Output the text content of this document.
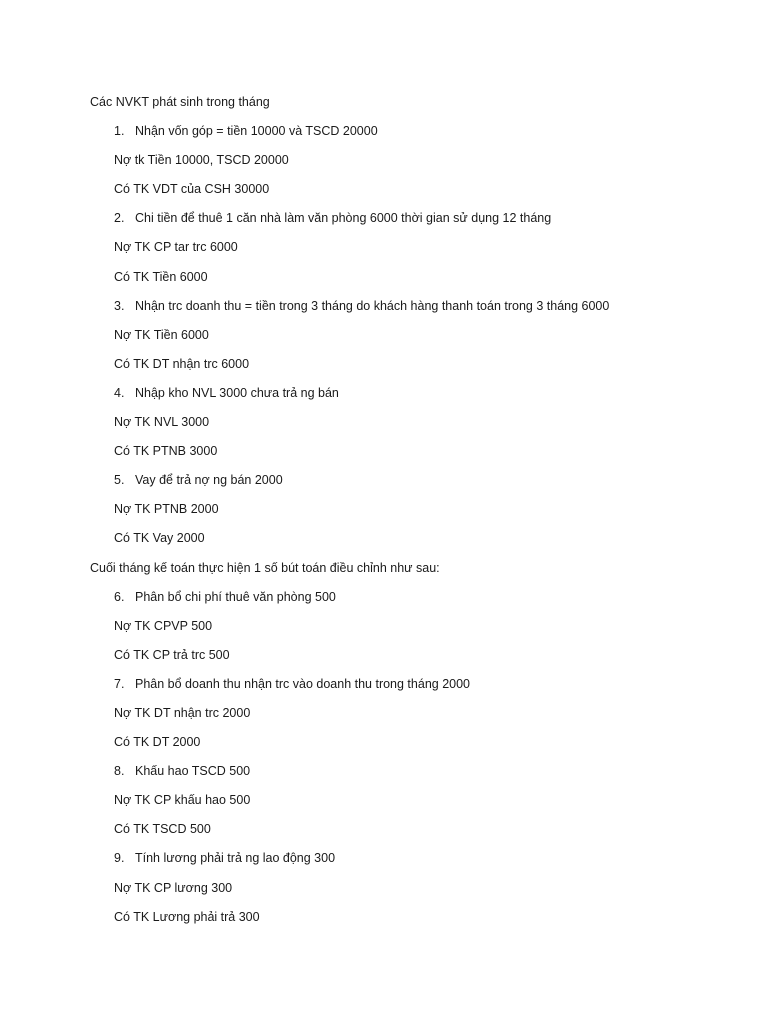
Các NVKT phát sinh trong tháng
1. Nhận vốn góp = tiền 10000 và TSCD 20000
Nợ tk Tiền 10000, TSCD 20000
Có TK VDT của CSH 30000
2. Chi tiền để thuê 1 căn nhà làm văn phòng 6000 thời gian sử dụng 12 tháng
Nợ TK CP tar trc 6000
Có TK Tiền 6000
3. Nhận trc doanh thu = tiền trong 3 tháng do khách hàng thanh toán trong 3 tháng 6000
Nợ TK Tiền 6000
Có TK DT nhận trc 6000
4. Nhập kho NVL 3000 chưa trả ng bán
Nợ TK NVL 3000
Có TK PTNB 3000
5. Vay để trả nợ ng bán 2000
Nợ TK PTNB 2000
Có TK Vay 2000
Cuối tháng kế toán thực hiện 1 số bút toán điều chỉnh như sau:
6. Phân bổ chi phí thuê văn phòng 500
Nợ TK CPVP 500
Có TK CP trả trc 500
7. Phân bổ doanh thu nhận trc vào doanh thu trong tháng 2000
Nợ TK DT nhận trc 2000
Có TK DT 2000
8. Khấu hao TSCD 500
Nợ TK CP khấu hao 500
Có TK TSCD 500
9. Tính lương phải trả ng lao động 300
Nợ TK CP lương 300
Có TK Lương phải trả 300
